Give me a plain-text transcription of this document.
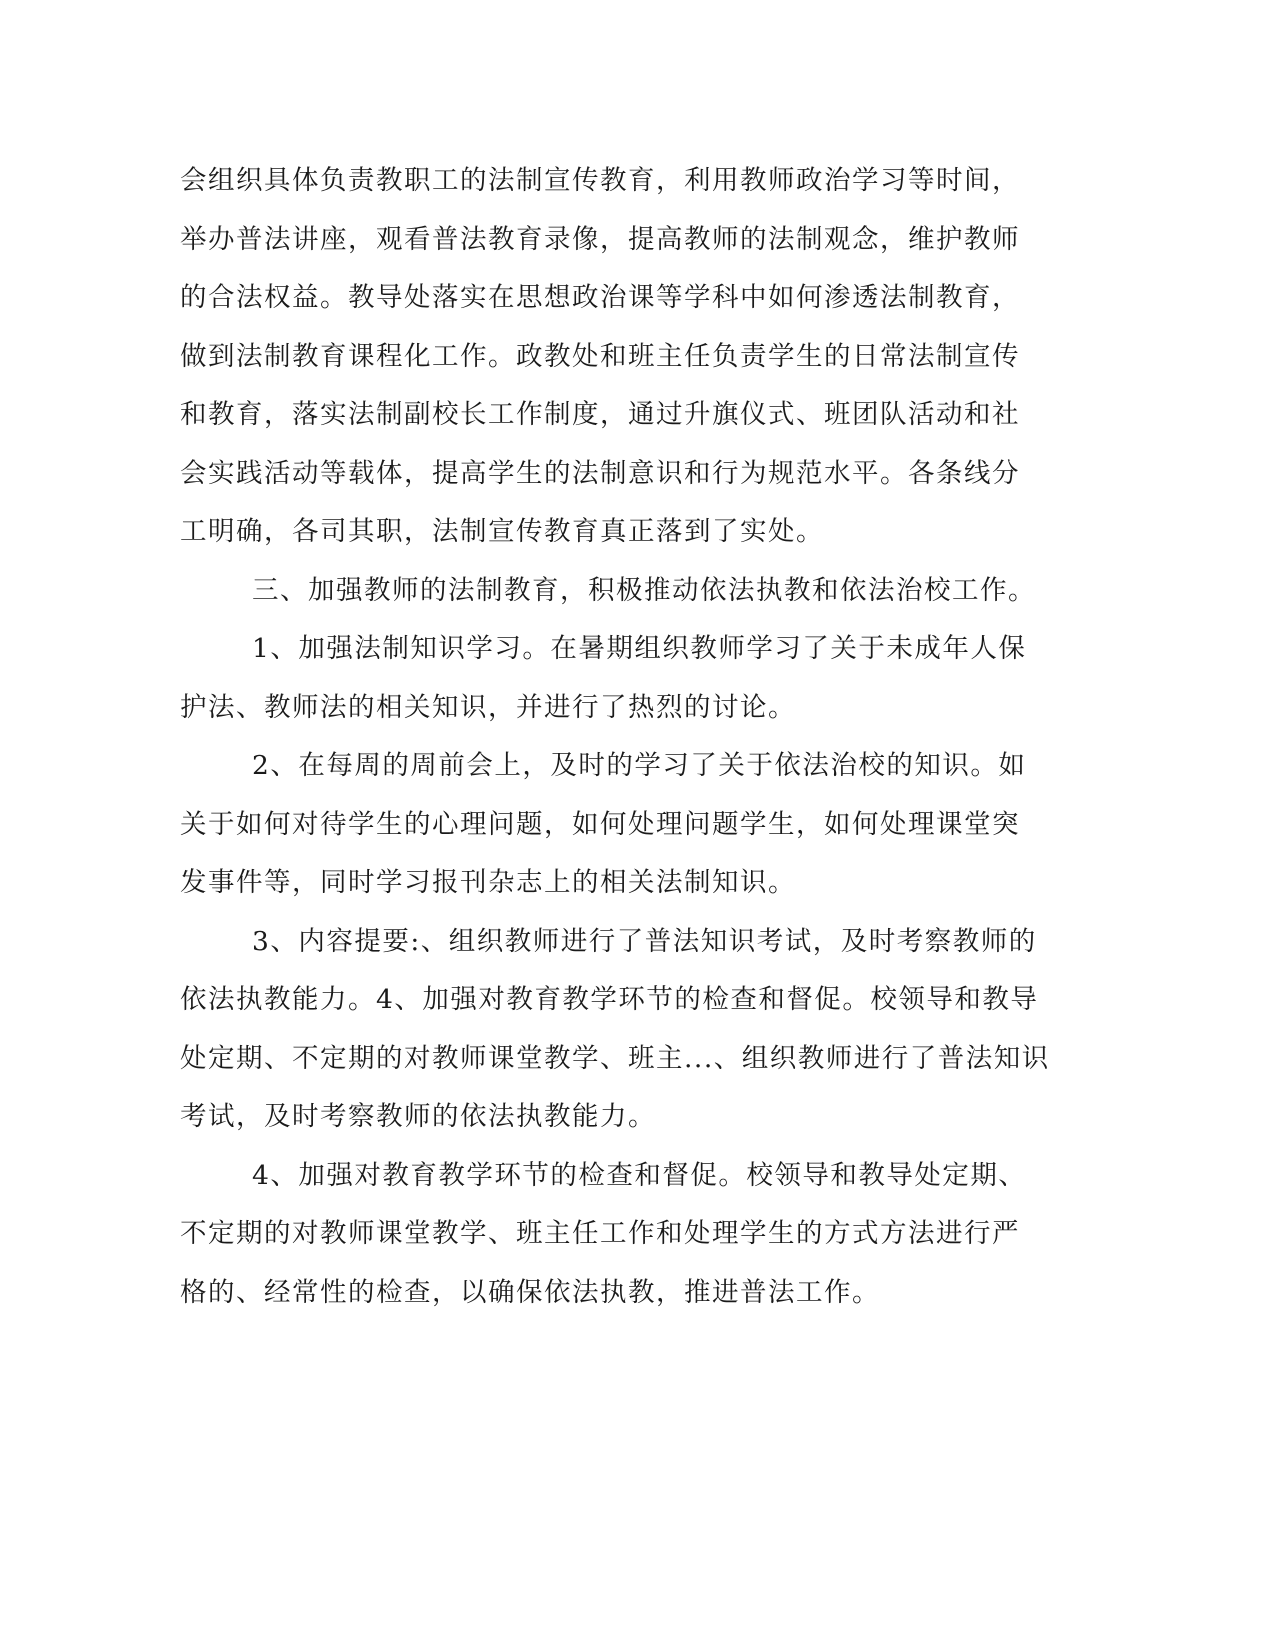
会组织具体负责教职工的法制宣传教育，利用教师政治学习等时间，
举办普法讲座，观看普法教育录像，提高教师的法制观念，维护教师
的合法权益。教导处落实在思想政治课等学科中如何渗透法制教育，
做到法制教育课程化工作。政教处和班主任负责学生的日常法制宣传
和教育，落实法制副校长工作制度，通过升旗仪式、班团队活动和社
会实践活动等载体，提高学生的法制意识和行为规范水平。各条线分
工明确，各司其职，法制宣传教育真正落到了实处。
三、加强教师的法制教育，积极推动依法执教和依法治校工作。
1、加强法制知识学习。在暑期组织教师学习了关于未成年人保
护法、教师法的相关知识，并进行了热烈的讨论。
2、在每周的周前会上，及时的学习了关于依法治校的知识。如
关于如何对待学生的心理问题，如何处理问题学生，如何处理课堂突
发事件等，同时学习报刊杂志上的相关法制知识。
3、内容提要:、组织教师进行了普法知识考试，及时考察教师的
依法执教能力。4、加强对教育教学环节的检查和督促。校领导和教导
处定期、不定期的对教师课堂教学、班主...、组织教师进行了普法知识
考试，及时考察教师的依法执教能力。
4、加强对教育教学环节的检查和督促。校领导和教导处定期、
不定期的对教师课堂教学、班主任工作和处理学生的方式方法进行严
格的、经常性的检查，以确保依法执教，推进普法工作。
